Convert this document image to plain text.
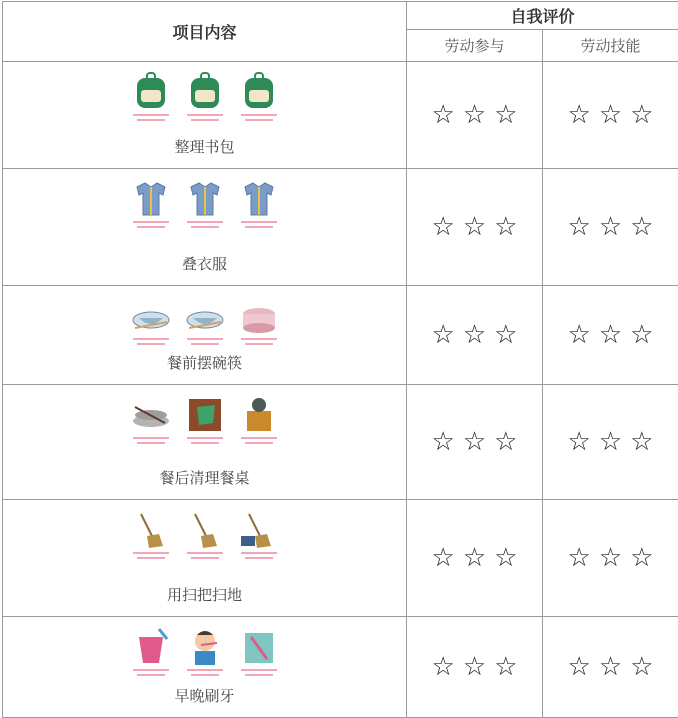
项目内容	自我评价	
	劳动参与	劳动技能

整理书包	☆ ☆ ☆	☆ ☆ ☆

叠衣服	☆ ☆ ☆	☆ ☆ ☆

餐前摆碗筷	☆ ☆ ☆	☆ ☆ ☆

餐后清理餐桌	☆ ☆ ☆	☆ ☆ ☆

用扫把扫地	☆ ☆ ☆	☆ ☆ ☆

早晚刷牙	☆ ☆ ☆	☆ ☆ ☆
